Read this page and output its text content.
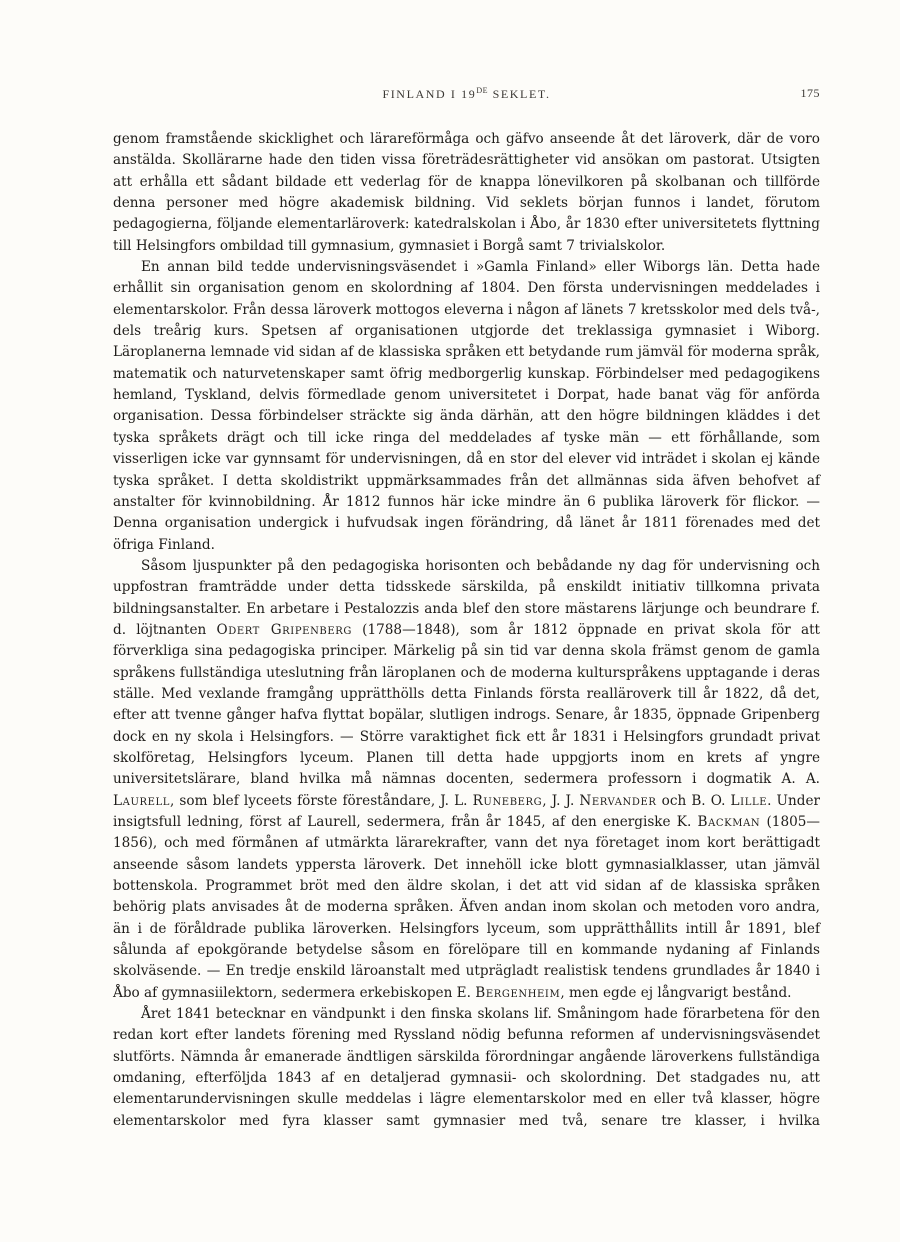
FINLAND I 19DE SEKLET.	175

genom framstående skicklighet och lärareförmåga och gäfvo anseende åt det läroverk, där de voro anstälda. Skollärarne hade den tiden vissa företrädesrättigheter vid ansökan om pastorat. Utsigten att erhålla ett sådant bildade ett vederlag för de knappa lönevilkoren på skolbanan och tillförde denna personer med högre akademisk bildning. Vid seklets början funnos i landet, förutom pedagogierna, följande elementarläroverk: katedralskolan i Åbo, år 1830 efter universitetets flyttning till Helsingfors ombildad till gymnasium, gymnasiet i Borgå samt 7 trivialskolor.

En annan bild tedde undervisningsväsendet i »Gamla Finland» eller Wiborgs län. Detta hade erhållit sin organisation genom en skolordning af 1804. Den första undervisningen meddelades i elementarskolor. Från dessa läroverk mottogos eleverna i någon af länets 7 kretsskolor med dels två-, dels treårig kurs. Spetsen af organisationen utgjorde det treklassiga gymnasiet i Wiborg. Läroplanerna lemnade vid sidan af de klassiska språken ett betydande rum jämväl för moderna språk, matematik och naturvetenskaper samt öfrig medborgerlig kunskap. Förbindelser med pedagogikens hemland, Tyskland, delvis förmedlade genom universitetet i Dorpat, hade banat väg för anförda organisation. Dessa förbindelser sträckte sig ända därhän, att den högre bildningen kläddes i det tyska språkets drägt och till icke ringa del meddelades af tyske män — ett förhållande, som visserligen icke var gynnsamt för undervisningen, då en stor del elever vid inträdet i skolan ej kände tyska språket. I detta skoldistrikt uppmärksammades från det allmännas sida äfven behofvet af anstalter för kvinnobildning. År 1812 funnos här icke mindre än 6 publika läroverk för flickor. — Denna organisation undergick i hufvudsak ingen förändring, då länet år 1811 förenades med det öfriga Finland.

Såsom ljuspunkter på den pedagogiska horisonten och bebådande ny dag för undervisning och uppfostran framträdde under detta tidsskede särskilda, på enskildt initiativ tillkomna privata bildningsanstalter. En arbetare i Pestalozzis anda blef den store mästarens lärjunge och beundrare f. d. löjtnanten Odert Gripenberg (1788—1848), som år 1812 öppnade en privat skola för att förverkliga sina pedagogiska principer. Märkelig på sin tid var denna skola främst genom de gamla språkens fullständiga uteslutning från läroplanen och de moderna kulturspråkens upptagande i deras ställe. Med vexlande framgång upprätthölls detta Finlands första realläroverk till år 1822, då det, efter att tvenne gånger hafva flyttat bopälar, slutligen indrogs. Senare, år 1835, öppnade Gripenberg dock en ny skola i Helsingfors. — Större varaktighet fick ett år 1831 i Helsingfors grundadt privat skolföretag, Helsingfors lyceum. Planen till detta hade uppgjorts inom en krets af yngre universitetslärare, bland hvilka må nämnas docenten, sedermera professorn i dogmatik A. A. Laurell, som blef lyceets förste föreståndare, J. L. Runeberg, J. J. Nervander och B. O. Lille. Under insigtsfull ledning, först af Laurell, sedermera, från år 1845, af den energiske K. Backman (1805—1856), och med förmånen af utmärkta lärarekrafter, vann det nya företaget inom kort berättigadt anseende såsom landets yppersta läroverk. Det innehöll icke blott gymnasialklasser, utan jämväl bottenskola. Programmet bröt med den äldre skolan, i det att vid sidan af de klassiska språken behörig plats anvisades åt de moderna språken. Äfven andan inom skolan och metoden voro andra, än i de föråldrade publika läroverken. Helsingfors lyceum, som upprätthållits intill år 1891, blef sålunda af epokgörande betydelse såsom en förelöpare till en kommande nydaning af Finlands skolväsende. — En tredje enskild läroanstalt med utprägladt realistisk tendens grundlades år 1840 i Åbo af gymnasiilektorn, sedermera erkebiskopen E. Bergenheim, men egde ej långvarigt bestånd.

Året 1841 betecknar en vändpunkt i den finska skolans lif. Småningom hade förarbetena för den redan kort efter landets förening med Ryssland nödig befunna reformen af undervisningsväsendet slutförts. Nämnda år emanerade ändtligen särskilda förordningar angående läroverkens fullständiga omdaning, efterföljda 1843 af en detaljerad gymnasii- och skolordning. Det stadgades nu, att elementarundervisningen skulle meddelas i lägre elementarskolor med en eller två klasser, högre elementarskolor med fyra klasser samt gymnasier med två, senare tre klasser, i hvilka
